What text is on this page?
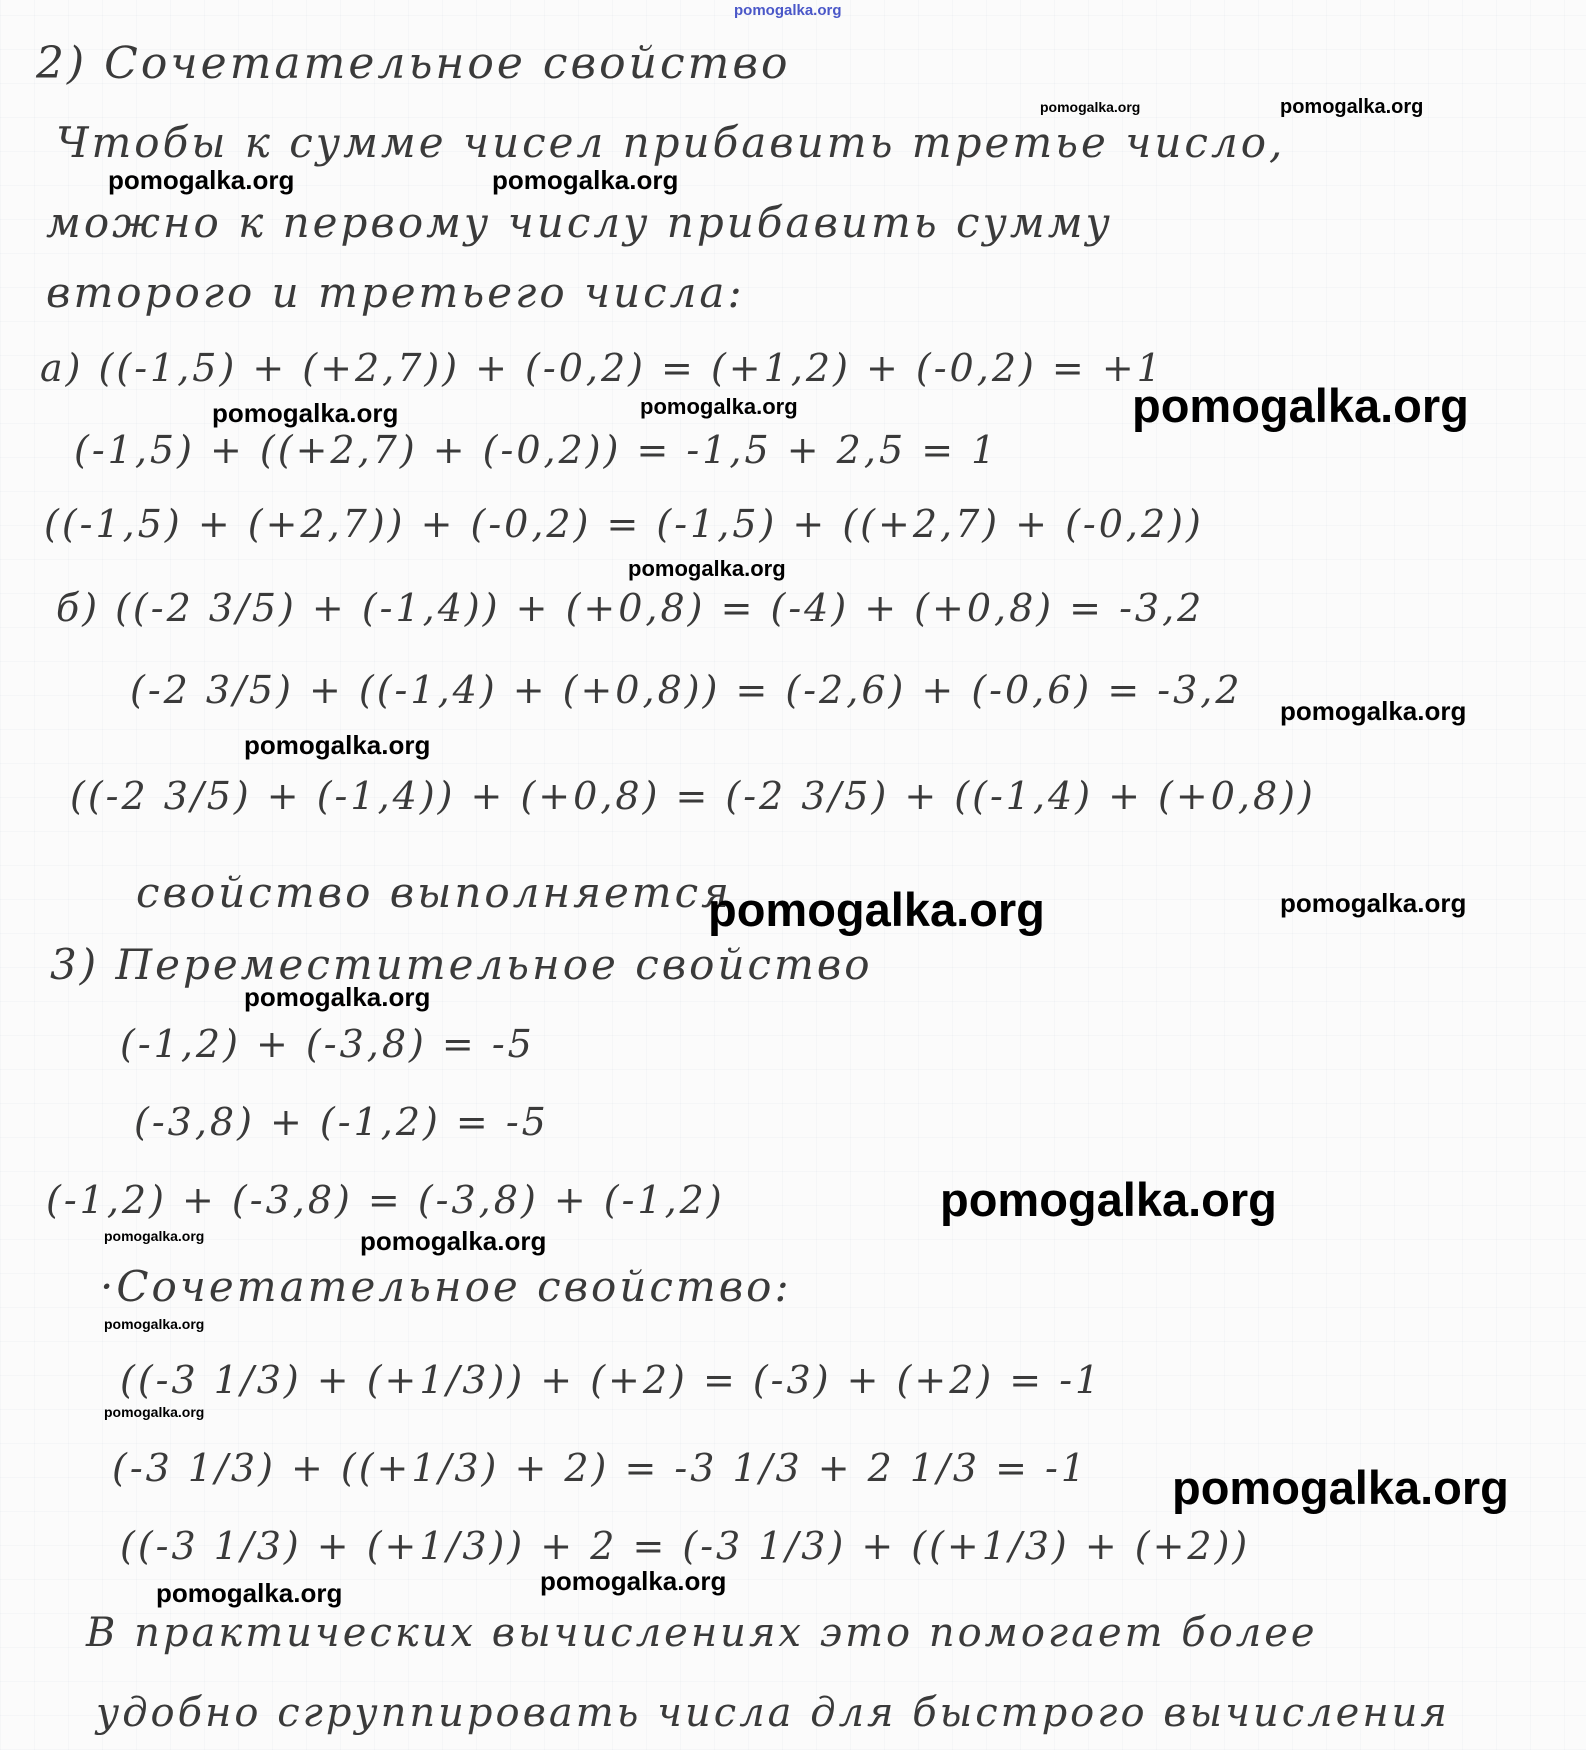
2) Сочетательное свойство
Чтобы к сумме чисел прибавить третье число,
можно к первому числу прибавить сумму
второго и третьего числа:
а) ((-1,5) + (+2,7)) + (-0,2) = (+1,2) + (-0,2) = +1
(-1,5) + ((+2,7) + (-0,2)) = -1,5 + 2,5 = 1
((-1,5) + (+2,7)) + (-0,2) = (-1,5) + ((+2,7) + (-0,2))
б) ((-2 3/5) + (-1,4)) + (+0,8) = (-4) + (+0,8) = -3,2
(-2 3/5) + ((-1,4) + (+0,8)) = (-2,6) + (-0,6) = -3,2
((-2 3/5) + (-1,4)) + (+0,8) = (-2 3/5) + ((-1,4) + (+0,8))
свойство выполняется
3) Переместительное свойство
(-1,2) + (-3,8) = -5
(-3,8) + (-1,2) = -5
(-1,2) + (-3,8) = (-3,8) + (-1,2)
·Сочетательное свойство:
((-3 1/3) + (+1/3)) + (+2) = (-3) + (+2) = -1
(-3 1/3) + ((+1/3) + 2) = -3 1/3 + 2 1/3 = -1
((-3 1/3) + (+1/3)) + 2 = (-3 1/3) + ((+1/3) + (+2))
В практических вычислениях это помогает более
удобно сгруппировать числа для быстрого вычисления
pomogalka.org
pomogalka.org	pomogalka.org
pomogalka.org	pomogalka.org
pomogalka.org
pomogalka.org	pomogalka.org
pomogalka.org
pomogalka.org
pomogalka.org
pomogalka.org	pomogalka.org
pomogalka.org
pomogalka.org
pomogalka.org	pomogalka.org
pomogalka.org
pomogalka.org
pomogalka.org
pomogalka.org	pomogalka.org
